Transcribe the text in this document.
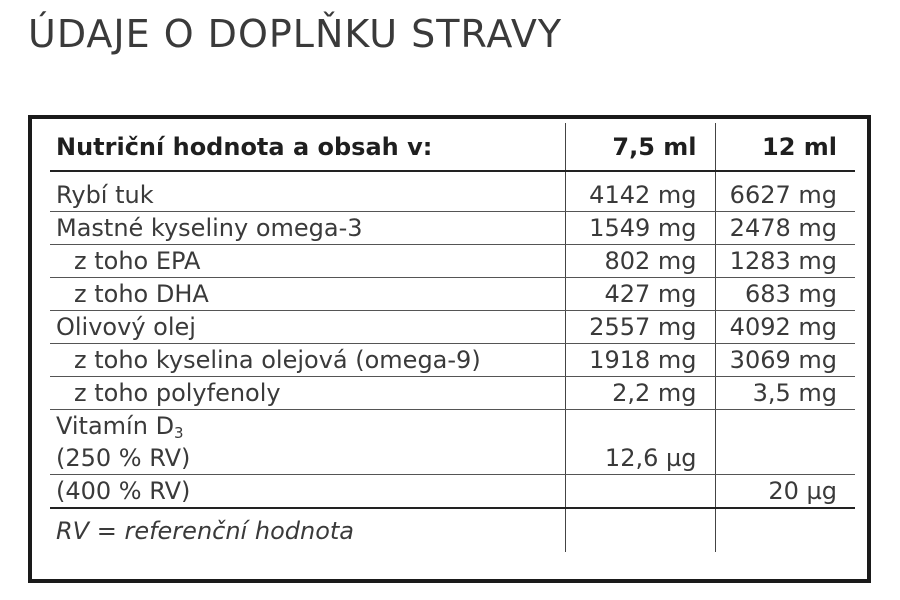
ÚDAJE O DOPLŇKU STRAVY
Nutriční hodnota a obsah v:	7,5 ml	12 ml

Rybí tuk	4142 mg	6627 mg
Mastné kyseliny omega-3	1549 mg	2478 mg
z toho EPA	802 mg	1283 mg
z toho DHA	427 mg	683 mg
Olivový olej	2557 mg	4092 mg
z toho kyselina olejová (omega-9)	1918 mg	3069 mg
z toho polyfenoly	2,2 mg	3,5 mg
Vitamín $D_3$		
(250 % RV)	12,6 µg	
(400 % RV)		20 µg
RV = referenční hodnota		
